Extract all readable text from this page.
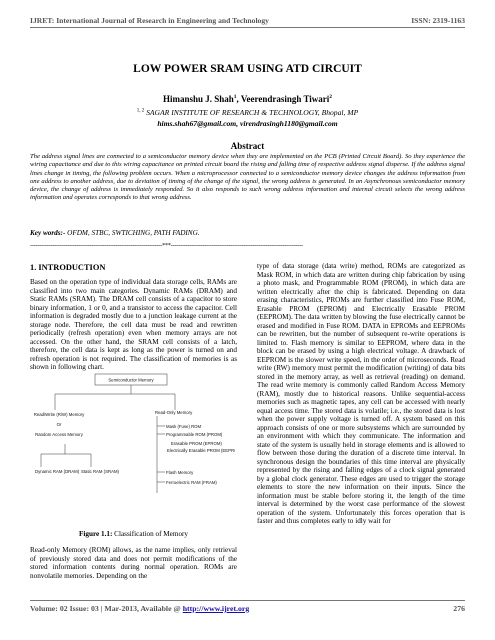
IJRET: International Journal of Research in Engineering and Technology	ISSN: 2319-1163
LOW POWER SRAM USING ATD CIRCUIT
Himanshu J. Shah$^1$, Veerendrasingh Tiwari$^2$
$^{1, 2}$ SAGAR INSTITUTE OF RESEARCH & TECHNOLOGY, Bhopal, MP
hims.shah67@gmail.com, virendrasingh1180@gmail.com
Abstract
The address signal lines are connected to a semiconductor memory device when they are implemented on the PCB (Printed Circuit Board). So they experience the wiring capacitance and due to this wiring capacitance on printed circuit board the rising and falling time of respective address signal disperse. If the address signal lines change in timing, the following problem occurs. When a microprocessor connected to a semiconductor memory device changes the address information from one address to another address, due to deviation of timing of the change of the signal, the wrong address is generated. In an Asynchronous semiconductor memory device, the change of address is immediately responded. So it also responds to such wrong address information and internal circuit selects the wrong address information and operates corresponds to that wrong address.
Key words:- OFDM, STBC, SWTICHING, PATH FADING.
-----------------------------------------------------------------------***-----------------------------------------------------------------------
1. INTRODUCTION
Based on the operation type of individual data storage cells, RAMs are classified into two main categories. Dynamic RAMs (DRAM) and Static RAMs (SRAM). The DRAM cell consists of a capacitor to store binary information, 1 or 0, and a transistor to access the capacitor. Cell information is degraded mostly due to a junction leakage current at the storage node. Therefore, the cell data must be read and rewritten periodically (refresh operation) even when memory arrays are not accessed. On the other hand, the SRAM cell consists of a latch, therefore, the cell data is kept as long as the power is turned on and refresh operation is not required. The classification of memories is as shown in following chart.
Semiconductor Memory
Read/Write (R/W) Memory
Or
Random Access Memory
Dynamic RAM (DRAM) Static RAM (SRAM)
Read-Only Memory
Mask (Fuse) ROM
Programmable ROM (PROM)
Erasable PROM (EPROM)
Electrically Erasable PROM (EEPROM)
Flash Memory
Ferroelectric RAM (FRAM)
Figure 1.1: Classification of Memory
Read-only Memory (ROM) allows, as the name implies, only retrieval of previously stored data and does not permit modifications of the stored information contents during normal operation. ROMs are nonvolatile memories. Depending on the
type of data storage (data write) method, ROMs are categorized as Mask ROM, in which data are written during chip fabrication by using a photo mask, and Programmable ROM (PROM), in which data are written electrically after the chip is fabricated. Depending on data erasing characteristics, PROMs are further classified into Fuse ROM, Erasable PROM (EPROM) and Electrically Erasable PROM (EEPROM). The data written by blowing the fuse electrically cannot be erased and modified in Fuse ROM. DATA in EPROMs and EEPROMs can be rewritten, but the number of subsequent re-write operations is limited to. Flash memory is similar to EEPROM, where data in the block can be erased by using a high electrical voltage. A drawback of EEPROM is the slower write speed, in the order of microseconds. Read write (RW) memory must permit the modification (writing) of data bits stored in the memory array, as well as retrieval (reading) on demand. The read write memory is commonly called Random Access Memory (RAM), mostly due to historical reasons. Unlike sequential-access memories such as magnetic tapes, any cell can be accessed with nearly equal access time. The stored data is volatile; i.e., the stored data is lost when the power supply voltage is turned off. A system based on this approach consists of one or more subsystems which are surrounded by an environment with which they communicate. The information and state of the system is usually held in storage elements and is allowed to flow between those during the duration of a discrete time interval. In synchronous design the boundaries of this time interval are physically represented by the rising and falling edges of a clock signal generated by a global clock generator. These edges are used to trigger the storage elements to store the new information on their inputs. Since the information must be stable before storing it, the length of the time interval is determined by the worst case performance of the slowest operation of the system. Unfortunately this forces operation that is faster and thus completes early to idly wait for
Volume: 02 Issue: 03 | Mar-2013, Available @ http://www.ijret.org	276
